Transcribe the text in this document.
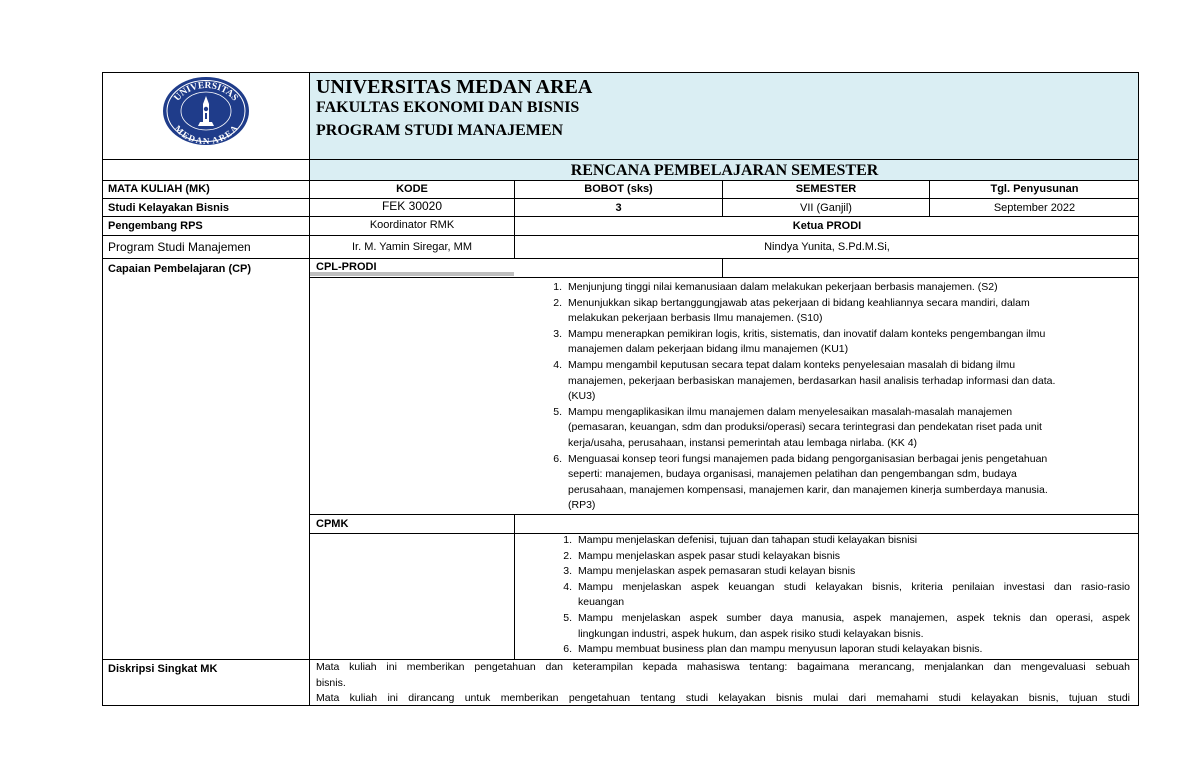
UNIVERSITAS
MEDAN AREA
UNIVERSITAS MEDAN AREA
FAKULTAS EKONOMI DAN BISNIS
PROGRAM STUDI MANAJEMEN
RENCANA PEMBELAJARAN SEMESTER
MATA KULIAH (MK)	KODE	BOBOT (sks)	SEMESTER	Tgl. Penyusunan
Studi Kelayakan Bisnis	FEK 30020	3	VII (Ganjil)	September 2022
Pengembang RPS	Koordinator RMK	Ketua PRODI
Program Studi Manajemen	Ir. M. Yamin Siregar, MM	Nindya Yunita, S.Pd.M.Si,
Capaian Pembelajaran (CP)	CPL-PRODI
1. Menjunjung tinggi nilai kemanusiaan dalam melakukan pekerjaan berbasis manajemen. (S2)
2. Menunjukkan sikap bertanggungjawab atas pekerjaan di bidang keahliannya secara mandiri, dalam
melakukan pekerjaan berbasis Ilmu manajemen. (S10)
3. Mampu menerapkan pemikiran logis, kritis, sistematis, dan inovatif dalam konteks pengembangan ilmu
manajemen dalam pekerjaan bidang ilmu manajemen (KU1)
4. Mampu mengambil keputusan secara tepat dalam konteks penyelesaian masalah di bidang ilmu
manajemen, pekerjaan berbasiskan manajemen, berdasarkan hasil analisis terhadap informasi dan data.
(KU3)
5. Mampu mengaplikasikan ilmu manajemen dalam menyelesaikan masalah-masalah manajemen
(pemasaran, keuangan, sdm dan produksi/operasi) secara terintegrasi dan pendekatan riset pada unit
kerja/usaha, perusahaan, instansi pemerintah atau lembaga nirlaba. (KK 4)
6. Menguasai konsep teori fungsi manajemen pada bidang pengorganisasian berbagai jenis pengetahuan
seperti: manajemen, budaya organisasi, manajemen pelatihan dan pengembangan sdm, budaya
perusahaan, manajemen kompensasi, manajemen karir, dan manajemen kinerja sumberdaya manusia.
(RP3)
CPMK
1. Mampu menjelaskan defenisi, tujuan dan tahapan studi kelayakan bisnisi
2. Mampu menjelaskan aspek pasar studi kelayakan bisnis
3. Mampu menjelaskan aspek pemasaran studi kelayan bisnis
4. Mampu menjelaskan aspek keuangan studi kelayakan bisnis, kriteria penilaian investasi dan rasio-rasio
keuangan
5. Mampu menjelaskan aspek sumber daya manusia, aspek manajemen, aspek teknis dan operasi, aspek
lingkungan industri, aspek hukum, dan aspek risiko studi kelayakan bisnis.
6. Mampu membuat business plan dan mampu menyusun laporan studi kelayakan bisnis.
Diskripsi Singkat MK	Mata kuliah ini memberikan pengetahuan dan keterampilan kepada mahasiswa tentang: bagaimana merancang, menjalankan dan mengevaluasi sebuah
bisnis.
Mata kuliah ini dirancang untuk memberikan pengetahuan tentang studi kelayakan bisnis mulai dari memahami studi kelayakan bisnis, tujuan studi
